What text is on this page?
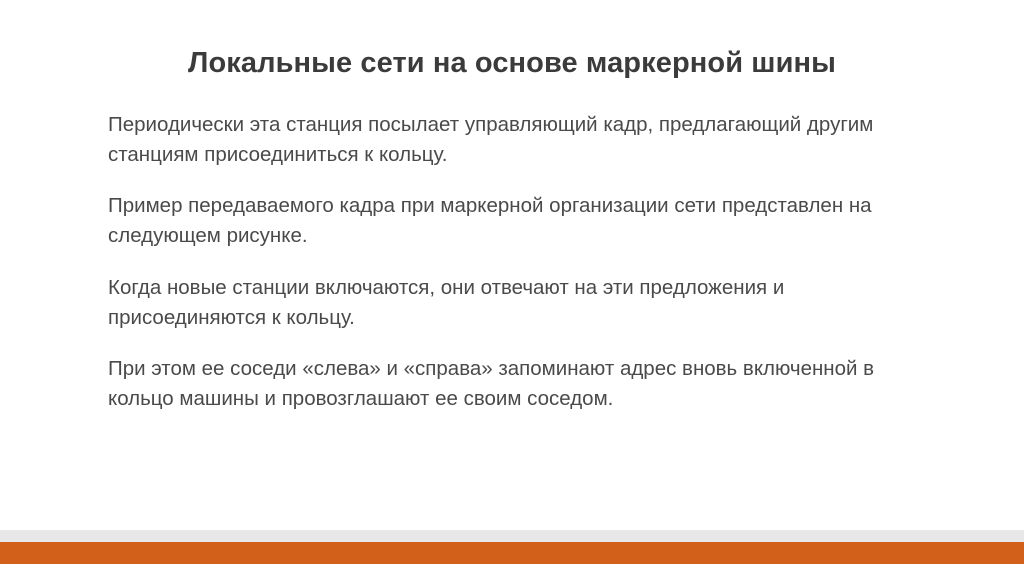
Локальные сети на основе маркерной шины

Периодически эта станция посылает управляющий кадр, предлагающий другим станциям присоединиться к кольцу.

Пример передаваемого кадра при маркерной организации сети представлен на следующем рисунке.

Когда новые станции включаются, они отвечают на эти предложения и присоединяются к кольцу.

При этом ее соседи «слева» и «справа» запоминают адрес вновь включенной в кольцо машины и провозглашают ее своим соседом.
